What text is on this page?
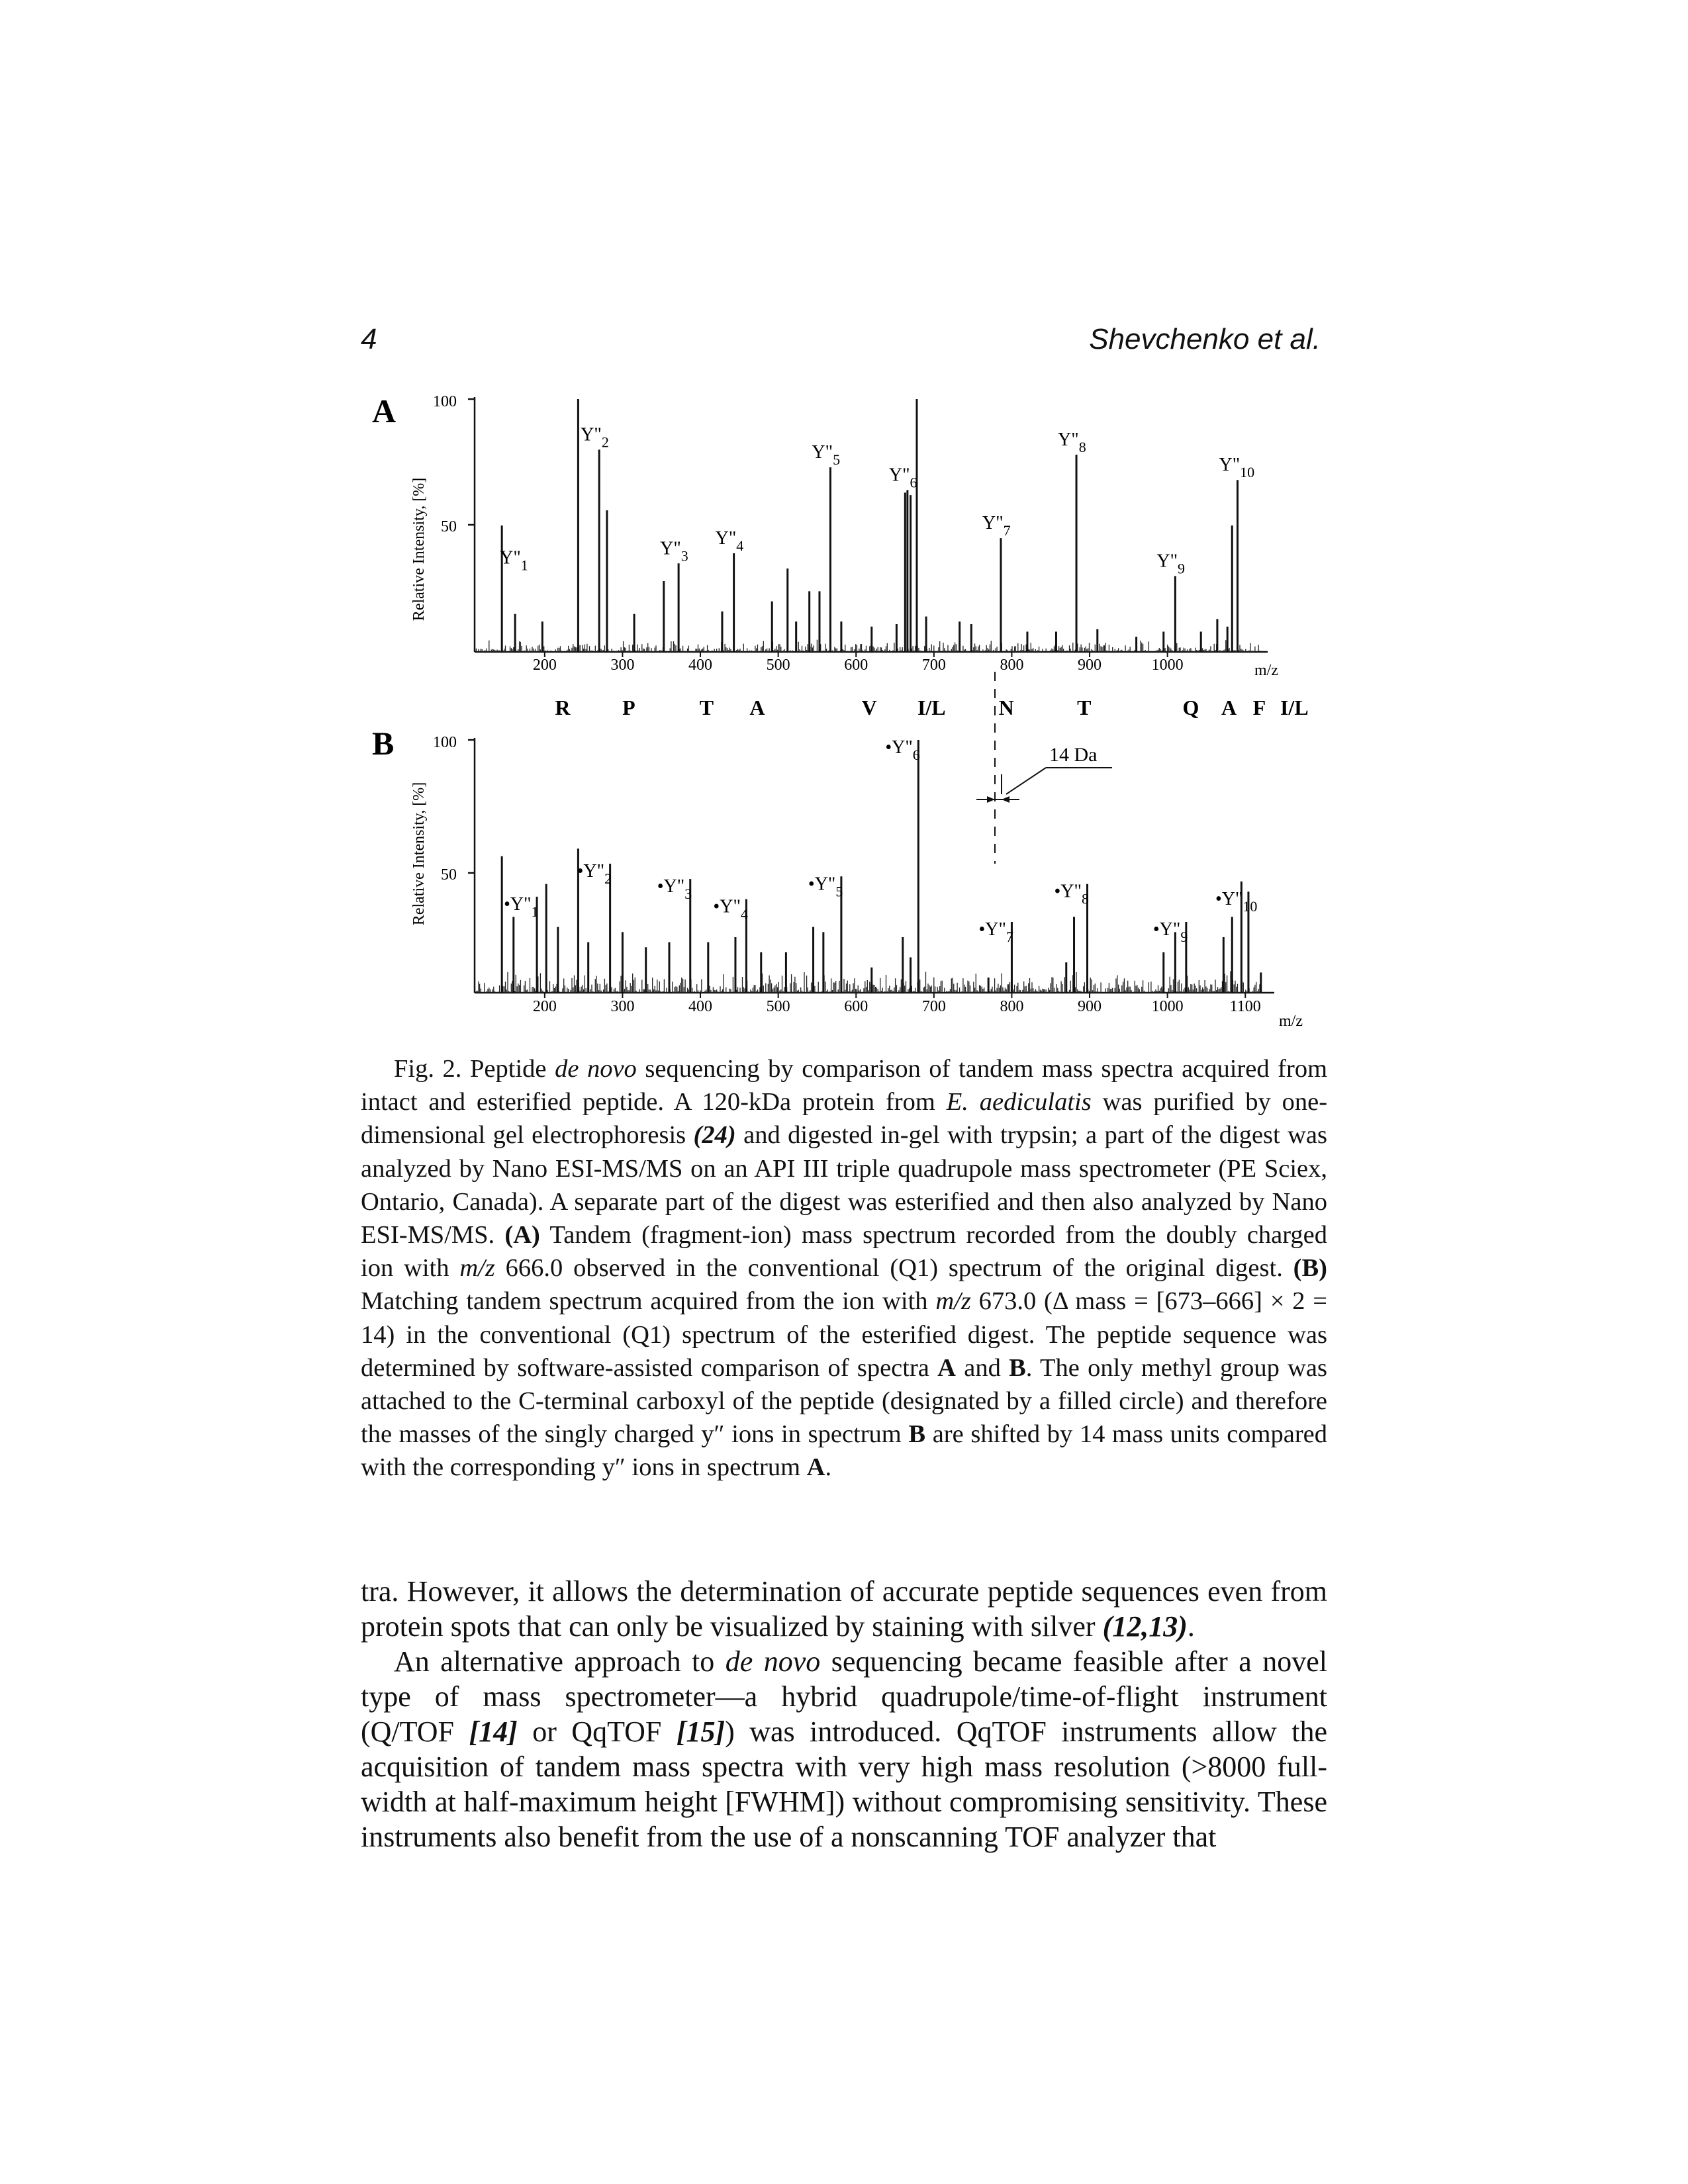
4	Shevchenko et al.
A
Relative Intensity, [%]
100
50
200	300	400	500	600	700	800	900	1000
$Y"_1$
$Y"_2$
$Y"_3$
$Y"_4$
$Y"_5$
$Y"_6$
$Y"_7$
$Y"_8$
$Y"_9$
$Y"_{10}$
m/z
R P	T A	V I/L N	T	Q A F I/L
14 Da
B
Relative Intensity, [%]
100
50
200	300	400	500	600	700	800	900	1000	1100
$•Y"_1$
$•Y"_2$ $•Y"_3$
$•Y"_4$
$•Y"_5$
$•Y"_6$
$•Y"_7$
$•Y"_8$
$•Y"_9$
$•Y"_{10}$
m/z

Fig. 2. Peptide de novo sequencing by comparison of tandem mass spectra acquired from intact and esterified peptide. A 120-kDa protein from E. aediculatis was purified by one-dimensional gel electrophoresis (24) and digested in-gel with trypsin; a part of the digest was analyzed by Nano ESI-MS/MS on an API III triple quadrupole mass spectrometer (PE Sciex, Ontario, Canada). A separate part of the digest was esterified and then also analyzed by Nano ESI-MS/MS. (A) Tandem (fragment-ion) mass spectrum recorded from the doubly charged ion with m/z 666.0 observed in the conventional (Q1) spectrum of the original digest. (B) Matching tandem spectrum acquired from the ion with m/z 673.0 (Δ mass = [673–666] × 2 = 14) in the conventional (Q1) spectrum of the esterified digest. The peptide sequence was determined by software-assisted comparison of spectra A and B. The only methyl group was attached to the C-terminal carboxyl of the peptide (designated by a filled circle) and therefore the masses of the singly charged y″ ions in spectrum B are shifted by 14 mass units compared with the corresponding y″ ions in spectrum A.

tra. However, it allows the determination of accurate peptide sequences even from protein spots that can only be visualized by staining with silver (12,13).

An alternative approach to de novo sequencing became feasible after a novel type of mass spectrometer—a hybrid quadrupole/time-of-flight instrument (Q/TOF [14] or QqTOF [15]) was introduced. QqTOF instruments allow the acquisition of tandem mass spectra with very high mass resolution (>8000 full-width at half-maximum height [FWHM]) without compromising sensitivity. These instruments also benefit from the use of a nonscanning TOF analyzer that
